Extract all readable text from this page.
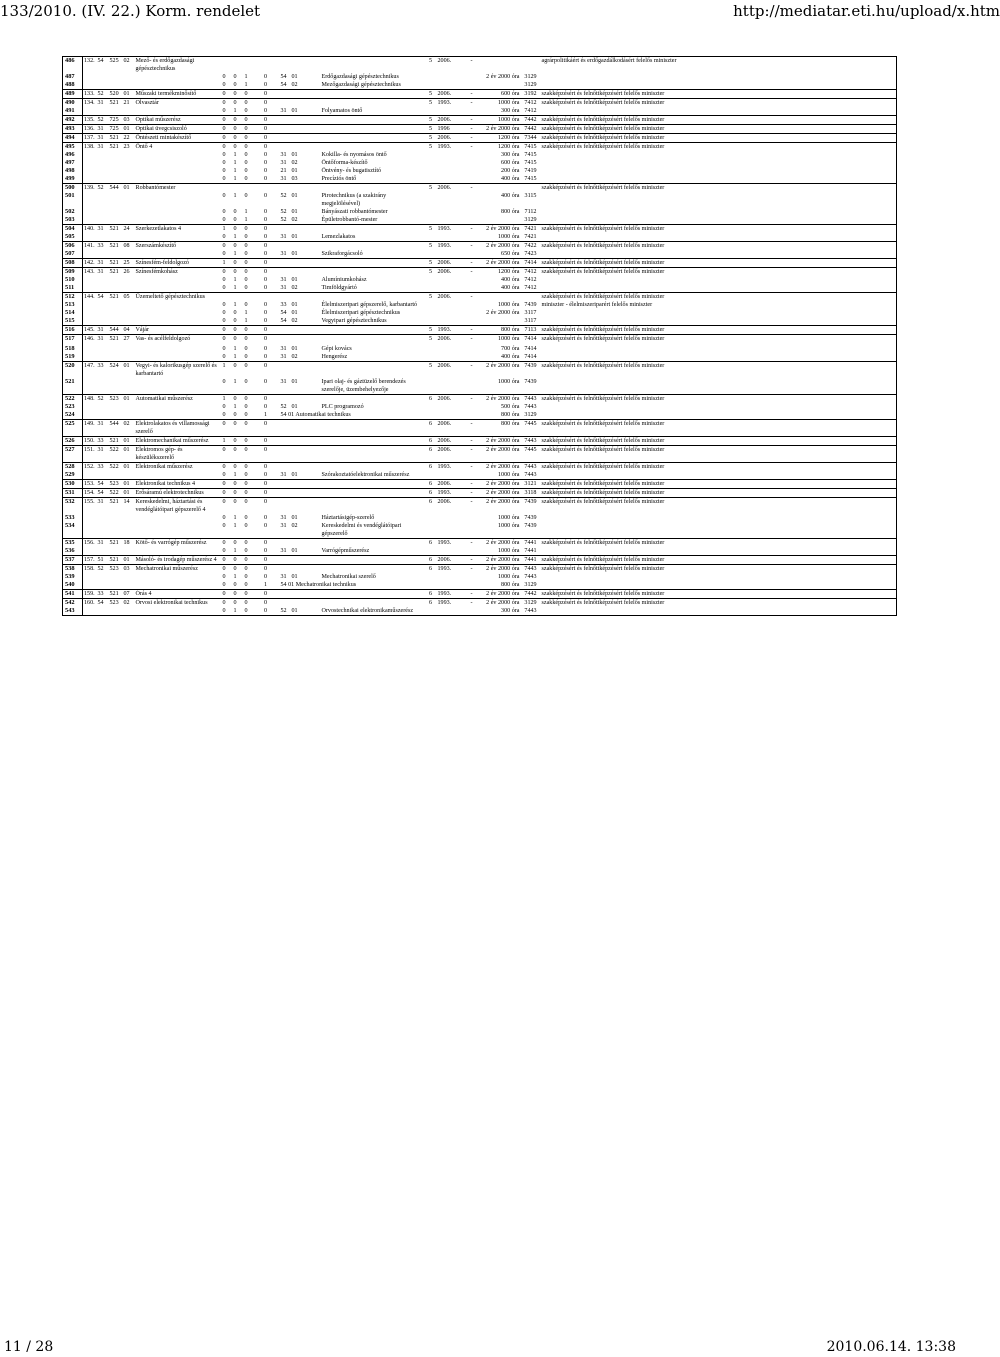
133/2010. (IV. 22.) Korm. rendelet	http://mediatar.eti.hu/upload/x.htm
486	132.	54	525	02	Mező- és erdőgazdasági gépésztechnikus									5	2006.	-			agrárpolitikáért és erdőgazdálkodásért felelős miniszter
487						0	0	1	0	54	01		Erdőgazdasági gépésztechnikus				2 év 2000 óra	3129	
488						0	0	1	0	54	02		Mezőgazdasági gépésztechnikus					3129	
489	133.	52	520	01	Műszaki termékminősítő	0	0	0	0					5	2006.	-	600 óra	3192	szakképzésért és felnőttképzésért felelős miniszter
490	134.	31	521	21	Olvasztár	0	0	0	0					5	1993.	-	1000 óra	7412	szakképzésért és felnőttképzésért felelős miniszter
491						0	1	0	0	31	01		Folyamatos öntő				300 óra	7412	
492	135.	52	725	03	Optikai műszerész	0	0	0	0					5	2006.	-	1000 óra	7442	szakképzésért és felnőttképzésért felelős miniszter
493	136.	31	725	01	Optikai üvegcsiszoló	0	0	0	0					5	1996	-	2 év 2000 óra	7442	szakképzésért és felnőttképzésért felelős miniszter
494	137.	31	521	22	Öntészeti mintakészítő	0	0	0	0					5	2006.	-	1200 óra	7344	szakképzésért és felnőttképzésért felelős miniszter
495	138.	31	521	23	Öntő 4	0	0	0	0					5	1993.	-	1200 óra	7415	szakképzésért és felnőttképzésért felelős miniszter
496						0	1	0	0	31	01		Kokilla- és nyomásos öntő				300 óra	7415	
497						0	1	0	0	31	02		Öntőforma-készítő				600 óra	7415	
498						0	1	0	0	21	01		Öntvény- és bugatisztító				200 óra	7419	
499						0	1	0	0	31	03		Precíziós öntő				400 óra	7415	
500	139.	52	544	01	Robbantómester									5	2006.	-			szakképzésért és felnőttképzésért felelős miniszter
501						0	1	0	0	52	01		Pirotechnikus (a szakirány megjelölésével)				400 óra	3115	
502						0	0	1	0	52	01		Bányászati robbantómester				800 óra	7112	
503						0	0	1	0	52	02		Épületrobbantó-mester					3129	
504	140.	31	521	24	Szerkezetlakatos 4	1	0	0	0					5	1993.	-	2 év 2000 óra	7421	szakképzésért és felnőttképzésért felelős miniszter
505						0	1	0	0	31	01		Lemezlakatos				1000 óra	7421	
506	141.	33	521	08	Szerszámkészítő	0	0	0	0					5	1993.	-	2 év 2000 óra	7422	szakképzésért és felnőttképzésért felelős miniszter
507						0	1	0	0	31	01		Szikraforgácsoló				650 óra	7423	
508	142.	31	521	25	Színesfém-feldolgozó	1	0	0	0					5	2006.	-	2 év 2000 óra	7414	szakképzésért és felnőttképzésért felelős miniszter
509	143.	31	521	26	Színesfémkohász	0	0	0	0					5	2006.	-	1200 óra	7412	szakképzésért és felnőttképzésért felelős miniszter
510						0	1	0	0	31	01		Alumíniumkohász				400 óra	7412	
511						0	1	0	0	31	02		Timföldgyártó				400 óra	7412	
512	144.	54	521	05	Üzemeltető gépésztechnikus									5	2006.	-			szakképzésért és felnőttképzésért felelős miniszter
513						0	1	0	0	33	01		Élelmiszeripari gépszerelő, karbantartó				1000 óra	7439	miniszter - élelmiszeriparért felelős miniszter
514						0	0	1	0	54	01		Élelmiszeripari gépésztechnikus				2 év 2000 óra	3117	
515						0	0	1	0	54	02		Vegyipari gépésztechnikus					3117	
516	145.	31	544	04	Vájár	0	0	0	0					5	1993.	-	800 óra	7113	szakképzésért és felnőttképzésért felelős miniszter
517	146.	31	521	27	Vas- és acélfeldolgozó	0	0	0	0					5	2006.	-	1000 óra	7414	szakképzésért és felnőttképzésért felelős miniszter
518						0	1	0	0	31	01		Gépi kovács				700 óra	7414	
519						0	1	0	0	31	02		Hengerész				400 óra	7414	
520	147.	33	524	01	Vegyi- és kalorikusgép szerelő és karbantartó	1	0	0	0					5	2006.	-	2 év 2000 óra	7439	szakképzésért és felnőttképzésért felelős miniszter
521						0	1	0	0	31	01		Ipari olaj- és gáztüzelő berendezés szerelője, üzembehelyezője				1000 óra	7439	
522	148.	52	523	01	Automatikai műszerész	1	0	0	0					6	2006.	-	2 év 2000 óra	7443	szakképzésért és felnőttképzésért felelős miniszter
523						0	1	0	0	52	01		PLC programozó				500 óra	7443	
524						0	0	0	1	54 01 Automatikai technikus							800 óra	3129	
525	149.	31	544	02	Elektrolakatos és villamossági szerelő	0	0	0	0					6	2006.	-	800 óra	7445	szakképzésért és felnőttképzésért felelős miniszter
526	150.	33	521	01	Elektromechanikai műszerész	1	0	0	0					6	2006.	-	2 év 2000 óra	7443	szakképzésért és felnőttképzésért felelős miniszter
527	151.	31	522	01	Elektromos gép- és készülékszerelő	0	0	0	0					6	2006.	-	2 év 2000 óra	7445	szakképzésért és felnőttképzésért felelős miniszter
528	152.	33	522	01	Elektronikai műszerész	0	0	0	0					6	1993.	-	2 év 2000 óra	7443	szakképzésért és felnőttképzésért felelős miniszter
529						0	1	0	0	31	01		Szórakoztatóelektronikai műszerész				1000 óra	7443	
530	153.	54	523	01	Elektronikai technikus 4	0	0	0	0					6	2006.	-	2 év 2000 óra	3121	szakképzésért és felnőttképzésért felelős miniszter
531	154.	54	522	01	Erősáramú elektrotechnikus	0	0	0	0					6	1993.	-	2 év 2000 óra	3118	szakképzésért és felnőttképzésért felelős miniszter
532	155.	31	521	14	Kereskedelmi, háztartási és vendéglátóipari gépszerelő 4	0	0	0	0					6	2006.	-	2 év 2000 óra	7439	szakképzésért és felnőttképzésért felelős miniszter
533						0	1	0	0	31	01		Háztartásigép-szerelő				1000 óra	7439	
534						0	1	0	0	31	02		Kereskedelmi és vendéglátóipari gépszerelő				1000 óra	7439	
535	156.	31	521	18	Kötő- és varrógép műszerész	0	0	0	0					6	1993.	-	2 év 2000 óra	7441	szakképzésért és felnőttképzésért felelős miniszter
536						0	1	0	0	31	01		Varrógépműszerész				1000 óra	7441	
537	157.	51	521	01	Másoló- és irodagép műszerész 4	0	0	0	0					6	2006.	-	2 év 2000 óra	7441	szakképzésért és felnőttképzésért felelős miniszter
538	158.	52	523	03	Mechatronikai műszerész	0	0	0	0					6	1993.	-	2 év 2000 óra	7443	szakképzésért és felnőttképzésért felelős miniszter
539						0	1	0	0	31	01		Mechatronikai szerelő				1000 óra	7443	
540						0	0	0	1	54 01 Mechatronikai technikus							800 óra	3129	
541	159.	33	521	07	Órás 4	0	0	0	0					6	1993.	-	2 év 2000 óra	7442	szakképzésért és felnőttképzésért felelős miniszter
542	160.	54	523	02	Orvosi elektronikai technikus	0	0	0	0					6	1993.	-	2 év 2000 óra	3129	szakképzésért és felnőttképzésért felelős miniszter
543						0	1	0	0	52	01		Orvostechnikai elektronikaműszerész				300 óra	7443	
11 / 28	2010.06.14. 13:38
